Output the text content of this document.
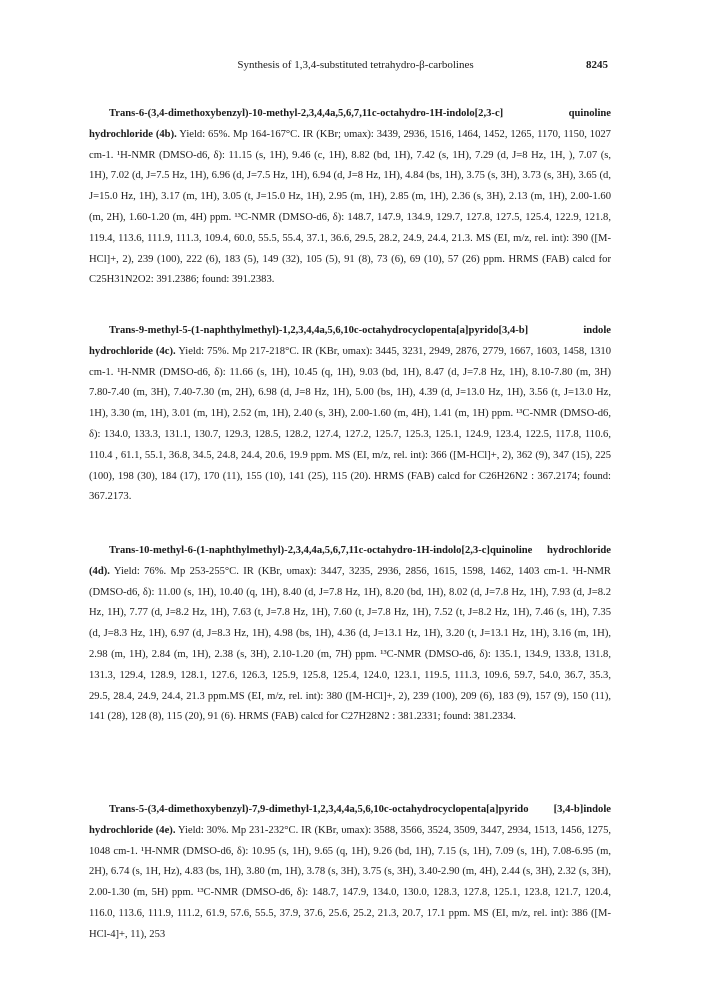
Synthesis of 1,3,4-substituted tetrahydro-β-carbolines	8245

Trans-6-(3,4-dimethoxybenzyl)-10-methyl-2,3,4,4a,5,6,7,11c-octahydro-1H-indolo[2,3-c] quinoline hydrochloride (4b). Yield: 65%. Mp 164-167°C. IR (KBr; υmax): 3439, 2936, 1516, 1464, 1452, 1265, 1170, 1150, 1027 cm-1. ¹H-NMR (DMSO-d6, δ): 11.15 (s, 1H), 9.46 (c, 1H), 8.82 (bd, 1H), 7.42 (s, 1H), 7.29 (d, J=8 Hz, 1H, ), 7.07 (s, 1H), 7.02 (d, J=7.5 Hz, 1H), 6.96 (d, J=7.5 Hz, 1H), 6.94 (d, J=8 Hz, 1H), 4.84 (bs, 1H), 3.75 (s, 3H), 3.73 (s, 3H), 3.65 (d, J=15.0 Hz, 1H), 3.17 (m, 1H), 3.05 (t, J=15.0 Hz, 1H), 2.95 (m, 1H), 2.85 (m, 1H), 2.36 (s, 3H), 2.13 (m, 1H), 2.00-1.60 (m, 2H), 1.60-1.20 (m, 4H) ppm. ¹³C-NMR (DMSO-d6, δ): 148.7, 147.9, 134.9, 129.7, 127.8, 127.5, 125.4, 122.9, 121.8, 119.4, 113.6, 111.9, 111.3, 109.4, 60.0, 55.5, 55.4, 37.1, 36.6, 29.5, 28.2, 24.9, 24.4, 21.3. MS (EI, m/z, rel. int): 390 ([M-HCl]+, 2), 239 (100), 222 (6), 183 (5), 149 (32), 105 (5), 91 (8), 73 (6), 69 (10), 57 (26) ppm. HRMS (FAB) calcd for C25H31N2O2: 391.2386; found: 391.2383.

Trans-9-methyl-5-(1-naphthylmethyl)-1,2,3,4,4a,5,6,10c-octahydrocyclopenta[a]pyrido[3,4-b] indole hydrochloride (4c). Yield: 75%. Mp 217-218°C. IR (KBr, υmax): 3445, 3231, 2949, 2876, 2779, 1667, 1603, 1458, 1310 cm-1. ¹H-NMR (DMSO-d6, δ): 11.66 (s, 1H), 10.45 (q, 1H), 9.03 (bd, 1H), 8.47 (d, J=7.8 Hz, 1H), 8.10-7.80 (m, 3H) 7.80-7.40 (m, 3H), 7.40-7.30 (m, 2H), 6.98 (d, J=8 Hz, 1H), 5.00 (bs, 1H), 4.39 (d, J=13.0 Hz, 1H), 3.56 (t, J=13.0 Hz, 1H), 3.30 (m, 1H), 3.01 (m, 1H), 2.52 (m, 1H), 2.40 (s, 3H), 2.00-1.60 (m, 4H), 1.41 (m, 1H) ppm. ¹³C-NMR (DMSO-d6, δ): 134.0, 133.3, 131.1, 130.7, 129.3, 128.5, 128.2, 127.4, 127.2, 125.7, 125.3, 125.1, 124.9, 123.4, 122.5, 117.8, 110.6, 110.4 , 61.1, 55.1, 36.8, 34.5, 24.8, 24.4, 20.6, 19.9 ppm. MS (EI, m/z, rel. int): 366 ([M-HCl]+, 2), 362 (9), 347 (15), 225 (100), 198 (30), 184 (17), 170 (11), 155 (10), 141 (25), 115 (20). HRMS (FAB) calcd for C26H26N2 : 367.2174; found: 367.2173.

Trans-10-methyl-6-(1-naphthylmethyl)-2,3,4,4a,5,6,7,11c-octahydro-1H-indolo[2,3-c]quinoline hydrochloride (4d). Yield: 76%. Mp 253-255°C. IR (KBr, υmax): 3447, 3235, 2936, 2856, 1615, 1598, 1462, 1403 cm-1. ¹H-NMR (DMSO-d6, δ): 11.00 (s, 1H), 10.40 (q, 1H), 8.40 (d, J=7.8 Hz, 1H), 8.20 (bd, 1H), 8.02 (d, J=7.8 Hz, 1H), 7.93 (d, J=8.2 Hz, 1H), 7.77 (d, J=8.2 Hz, 1H), 7.63 (t, J=7.8 Hz, 1H), 7.60 (t, J=7.8 Hz, 1H), 7.52 (t, J=8.2 Hz, 1H), 7.46 (s, 1H), 7.35 (d, J=8.3 Hz, 1H), 6.97 (d, J=8.3 Hz, 1H), 4.98 (bs, 1H), 4.36 (d, J=13.1 Hz, 1H), 3.20 (t, J=13.1 Hz, 1H), 3.16 (m, 1H), 2.98 (m, 1H), 2.84 (m, 1H), 2.38 (s, 3H), 2.10-1.20 (m, 7H) ppm. ¹³C-NMR (DMSO-d6, δ): 135.1, 134.9, 133.8, 131.8, 131.3, 129.4, 128.9, 128.1, 127.6, 126.3, 125.9, 125.8, 125.4, 124.0, 123.1, 119.5, 111.3, 109.6, 59.7, 54.0, 36.7, 35.3, 29.5, 28.4, 24.9, 24.4, 21.3 ppm.MS (EI, m/z, rel. int): 380 ([M-HCl]+, 2), 239 (100), 209 (6), 183 (9), 157 (9), 150 (11), 141 (28), 128 (8), 115 (20), 91 (6). HRMS (FAB) calcd for C27H28N2 : 381.2331; found: 381.2334.

Trans-5-(3,4-dimethoxybenzyl)-7,9-dimethyl-1,2,3,4,4a,5,6,10c-octahydrocyclopenta[a]pyrido [3,4-b]indole hydrochloride (4e). Yield: 30%. Mp 231-232°C. IR (KBr, υmax): 3588, 3566, 3524, 3509, 3447, 2934, 1513, 1456, 1275, 1048 cm-1. ¹H-NMR (DMSO-d6, δ): 10.95 (s, 1H), 9.65 (q, 1H), 9.26 (bd, 1H), 7.15 (s, 1H), 7.09 (s, 1H), 7.08-6.95 (m, 2H), 6.74 (s, 1H, Hz), 4.83 (bs, 1H), 3.80 (m, 1H), 3.78 (s, 3H), 3.75 (s, 3H), 3.40-2.90 (m, 4H), 2.44 (s, 3H), 2.32 (s, 3H), 2.00-1.30 (m, 5H) ppm. ¹³C-NMR (DMSO-d6, δ): 148.7, 147.9, 134.0, 130.0, 128.3, 127.8, 125.1, 123.8, 121.7, 120.4, 116.0, 113.6, 111.9, 111.2, 61.9, 57.6, 55.5, 37.9, 37.6, 25.6, 25.2, 21.3, 20.7, 17.1 ppm. MS (EI, m/z, rel. int): 386 ([M-HCl-4]+, 11), 253
